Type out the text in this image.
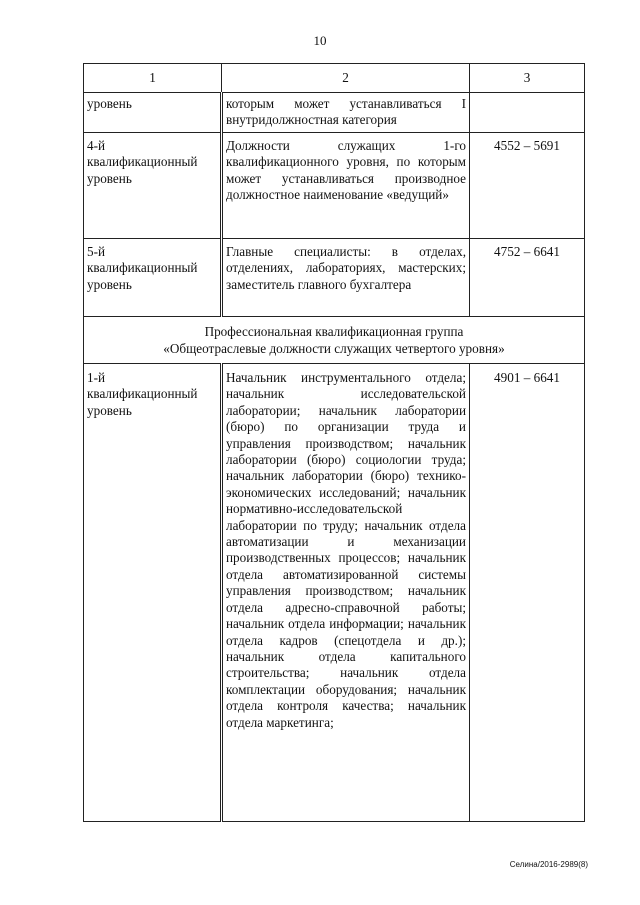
10
1	2	3
уровень	которым может устанавливаться I внутридолжностная категория	
4-й квалификационный уровень	Должности служащих 1-го квалификационного уровня, по которым может устанавливаться производное должностное наименование «ведущий»	4552 – 5691
5-й квалификационный уровень	Главные специалисты: в отделах, отделениях, лабораториях, мастерских; заместитель главного бухгалтера	4752 – 6641

Профессиональная квалификационная группа
«Общеотраслевые должности служащих четвертого уровня»		

1-й квалификационный уровень	Начальник инструментального отдела; начальник исследовательской лаборатории; начальник лаборатории (бюро) по организации труда и управления производством; начальник лаборатории (бюро) социологии труда; начальник лаборатории (бюро) технико-экономических исследований; начальник нормативно-исследовательской лаборатории по труду; начальник отдела автоматизации и механизации производственных процессов; начальник отдела автоматизированной системы управления производством; начальник отдела адресно-справочной работы; начальник отдела информации; начальник отдела кадров (спецотдела и др.); начальник отдела капитального строительства; начальник отдела комплектации оборудования; начальник отдела контроля качества; начальник отдела маркетинга;	4901 – 6641
Селина/2016-2989(8)
